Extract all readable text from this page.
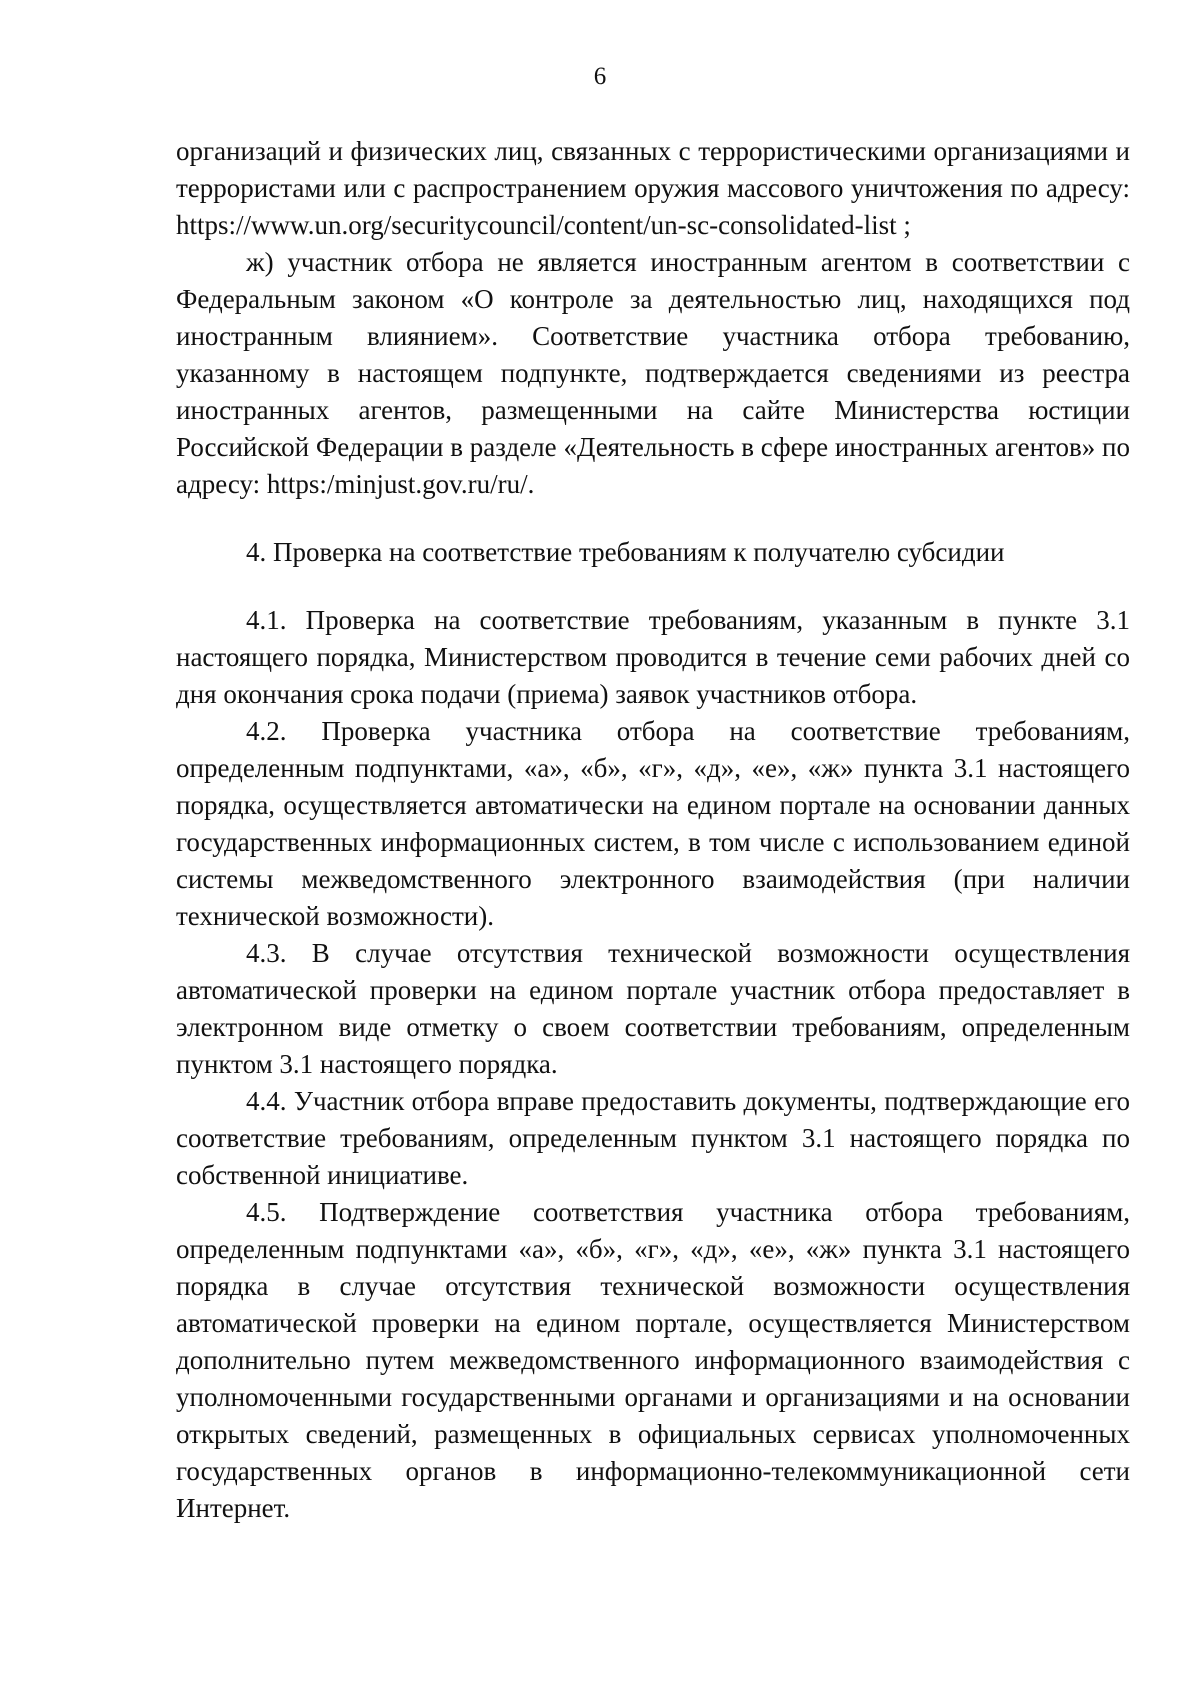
6

организаций и физических лиц, связанных с террористическими организациями и террористами или с распространением оружия массового уничтожения по адресу: https://www.un.org/securitycouncil/content/un-sc-consolidated-list ;

ж) участник отбора не является иностранным агентом в соответствии с Федеральным законом «О контроле за деятельностью лиц, находящихся под иностранным влиянием». Соответствие участника отбора требованию, указанному в настоящем подпункте, подтверждается сведениями из реестра иностранных агентов, размещенными на сайте Министерства юстиции Российской Федерации в разделе «Деятельность в сфере иностранных агентов» по адресу: https:/minjust.gov.ru/ru/.

4. Проверка на соответствие требованиям к получателю субсидии

4.1. Проверка на соответствие требованиям, указанным в пункте 3.1 настоящего порядка, Министерством проводится в течение семи рабочих дней со дня окончания срока подачи (приема) заявок участников отбора.

4.2. Проверка участника отбора на соответствие требованиям, определенным подпунктами, «а», «б», «г», «д», «е», «ж» пункта 3.1 настоящего порядка, осуществляется автоматически на едином портале на основании данных государственных информационных систем, в том числе с использованием единой системы межведомственного электронного взаимодействия (при наличии технической возможности).

4.3. В случае отсутствия технической возможности осуществления автоматической проверки на едином портале участник отбора предоставляет в электронном виде отметку о своем соответствии требованиям, определенным пунктом 3.1 настоящего порядка.

4.4. Участник отбора вправе предоставить документы, подтверждающие его соответствие требованиям, определенным пунктом 3.1 настоящего порядка по собственной инициативе.

4.5. Подтверждение соответствия участника отбора требованиям, определенным подпунктами «а», «б», «г», «д», «е», «ж» пункта 3.1 настоящего порядка в случае отсутствия технической возможности осуществления автоматической проверки на едином портале, осуществляется Министерством дополнительно путем межведомственного информационного взаимодействия с уполномоченными государственными органами и организациями и на основании открытых сведений, размещенных в официальных сервисах уполномоченных государственных органов в информационно-телекоммуникационной сети Интернет.
